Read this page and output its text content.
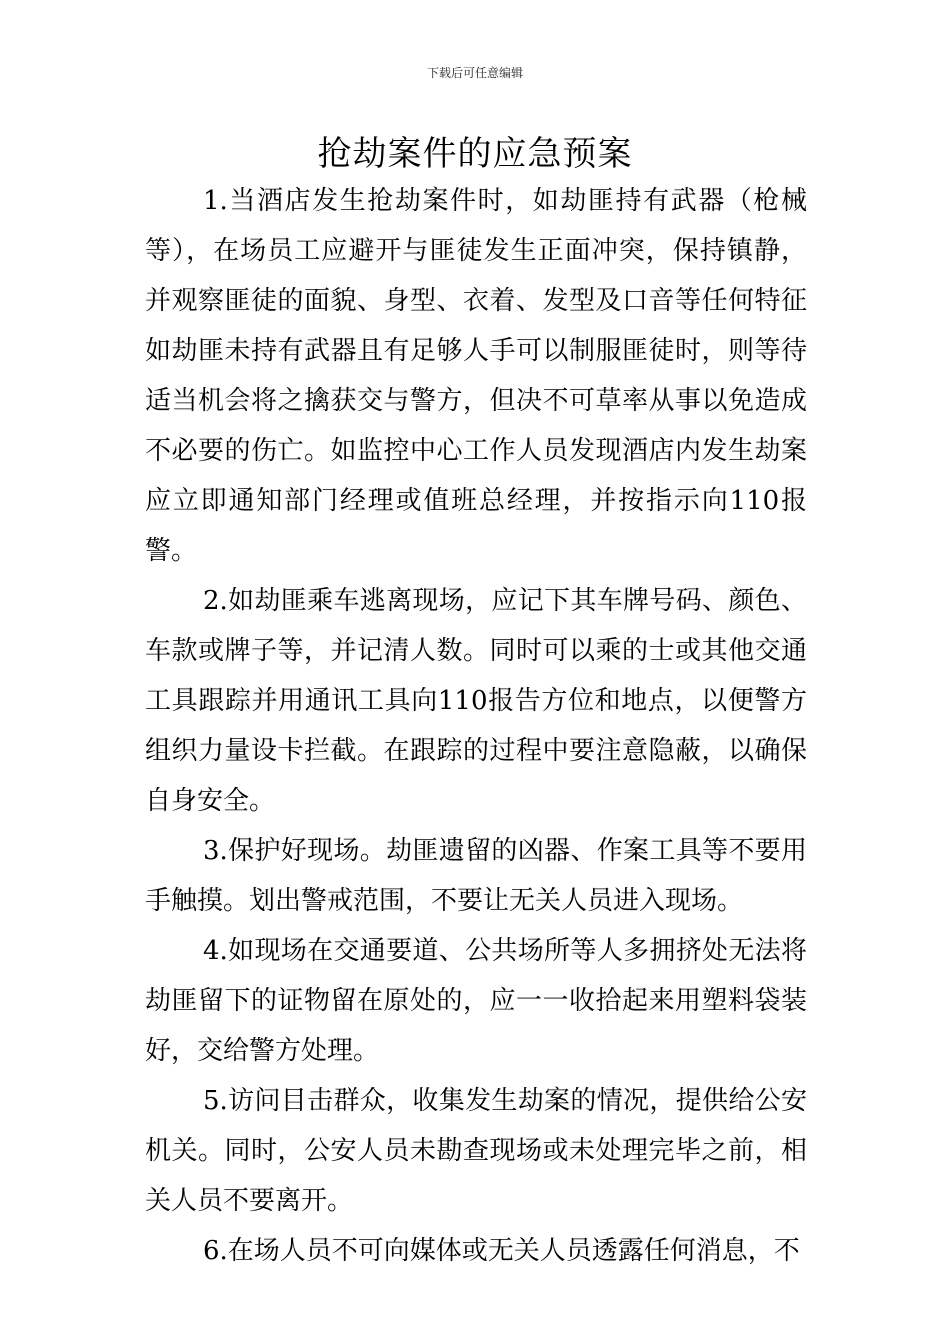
下载后可任意编辑
抢劫案件的应急预案

1.当酒店发生抢劫案件时，如劫匪持有武器（枪械等），在场员工应避开与匪徒发生正面冲突，保持镇静，并观察匪徒的面貌、身型、衣着、发型及口音等任何特征如劫匪未持有武器且有足够人手可以制服匪徒时，则等待适当机会将之擒获交与警方，但决不可草率从事以免造成不必要的伤亡。如监控中心工作人员发现酒店内发生劫案应立即通知部门经理或值班总经理，并按指示向110报警。

2.如劫匪乘车逃离现场，应记下其车牌号码、颜色、车款或牌子等，并记清人数。同时可以乘的士或其他交通工具跟踪并用通讯工具向110报告方位和地点，以便警方组织力量设卡拦截。在跟踪的过程中要注意隐蔽，以确保自身安全。

3.保护好现场。劫匪遗留的凶器、作案工具等不要用手触摸。划出警戒范围，不要让无关人员进入现场。

4.如现场在交通要道、公共场所等人多拥挤处无法将劫匪留下的证物留在原处的，应一一收拾起来用塑料袋装好，交给警方处理。

5.访问目击群众，收集发生劫案的情况，提供给公安机关。同时，公安人员未勘查现场或未处理完毕之前，相关人员不要离开。

6.在场人员不可向媒体或无关人员透露任何消息，不
